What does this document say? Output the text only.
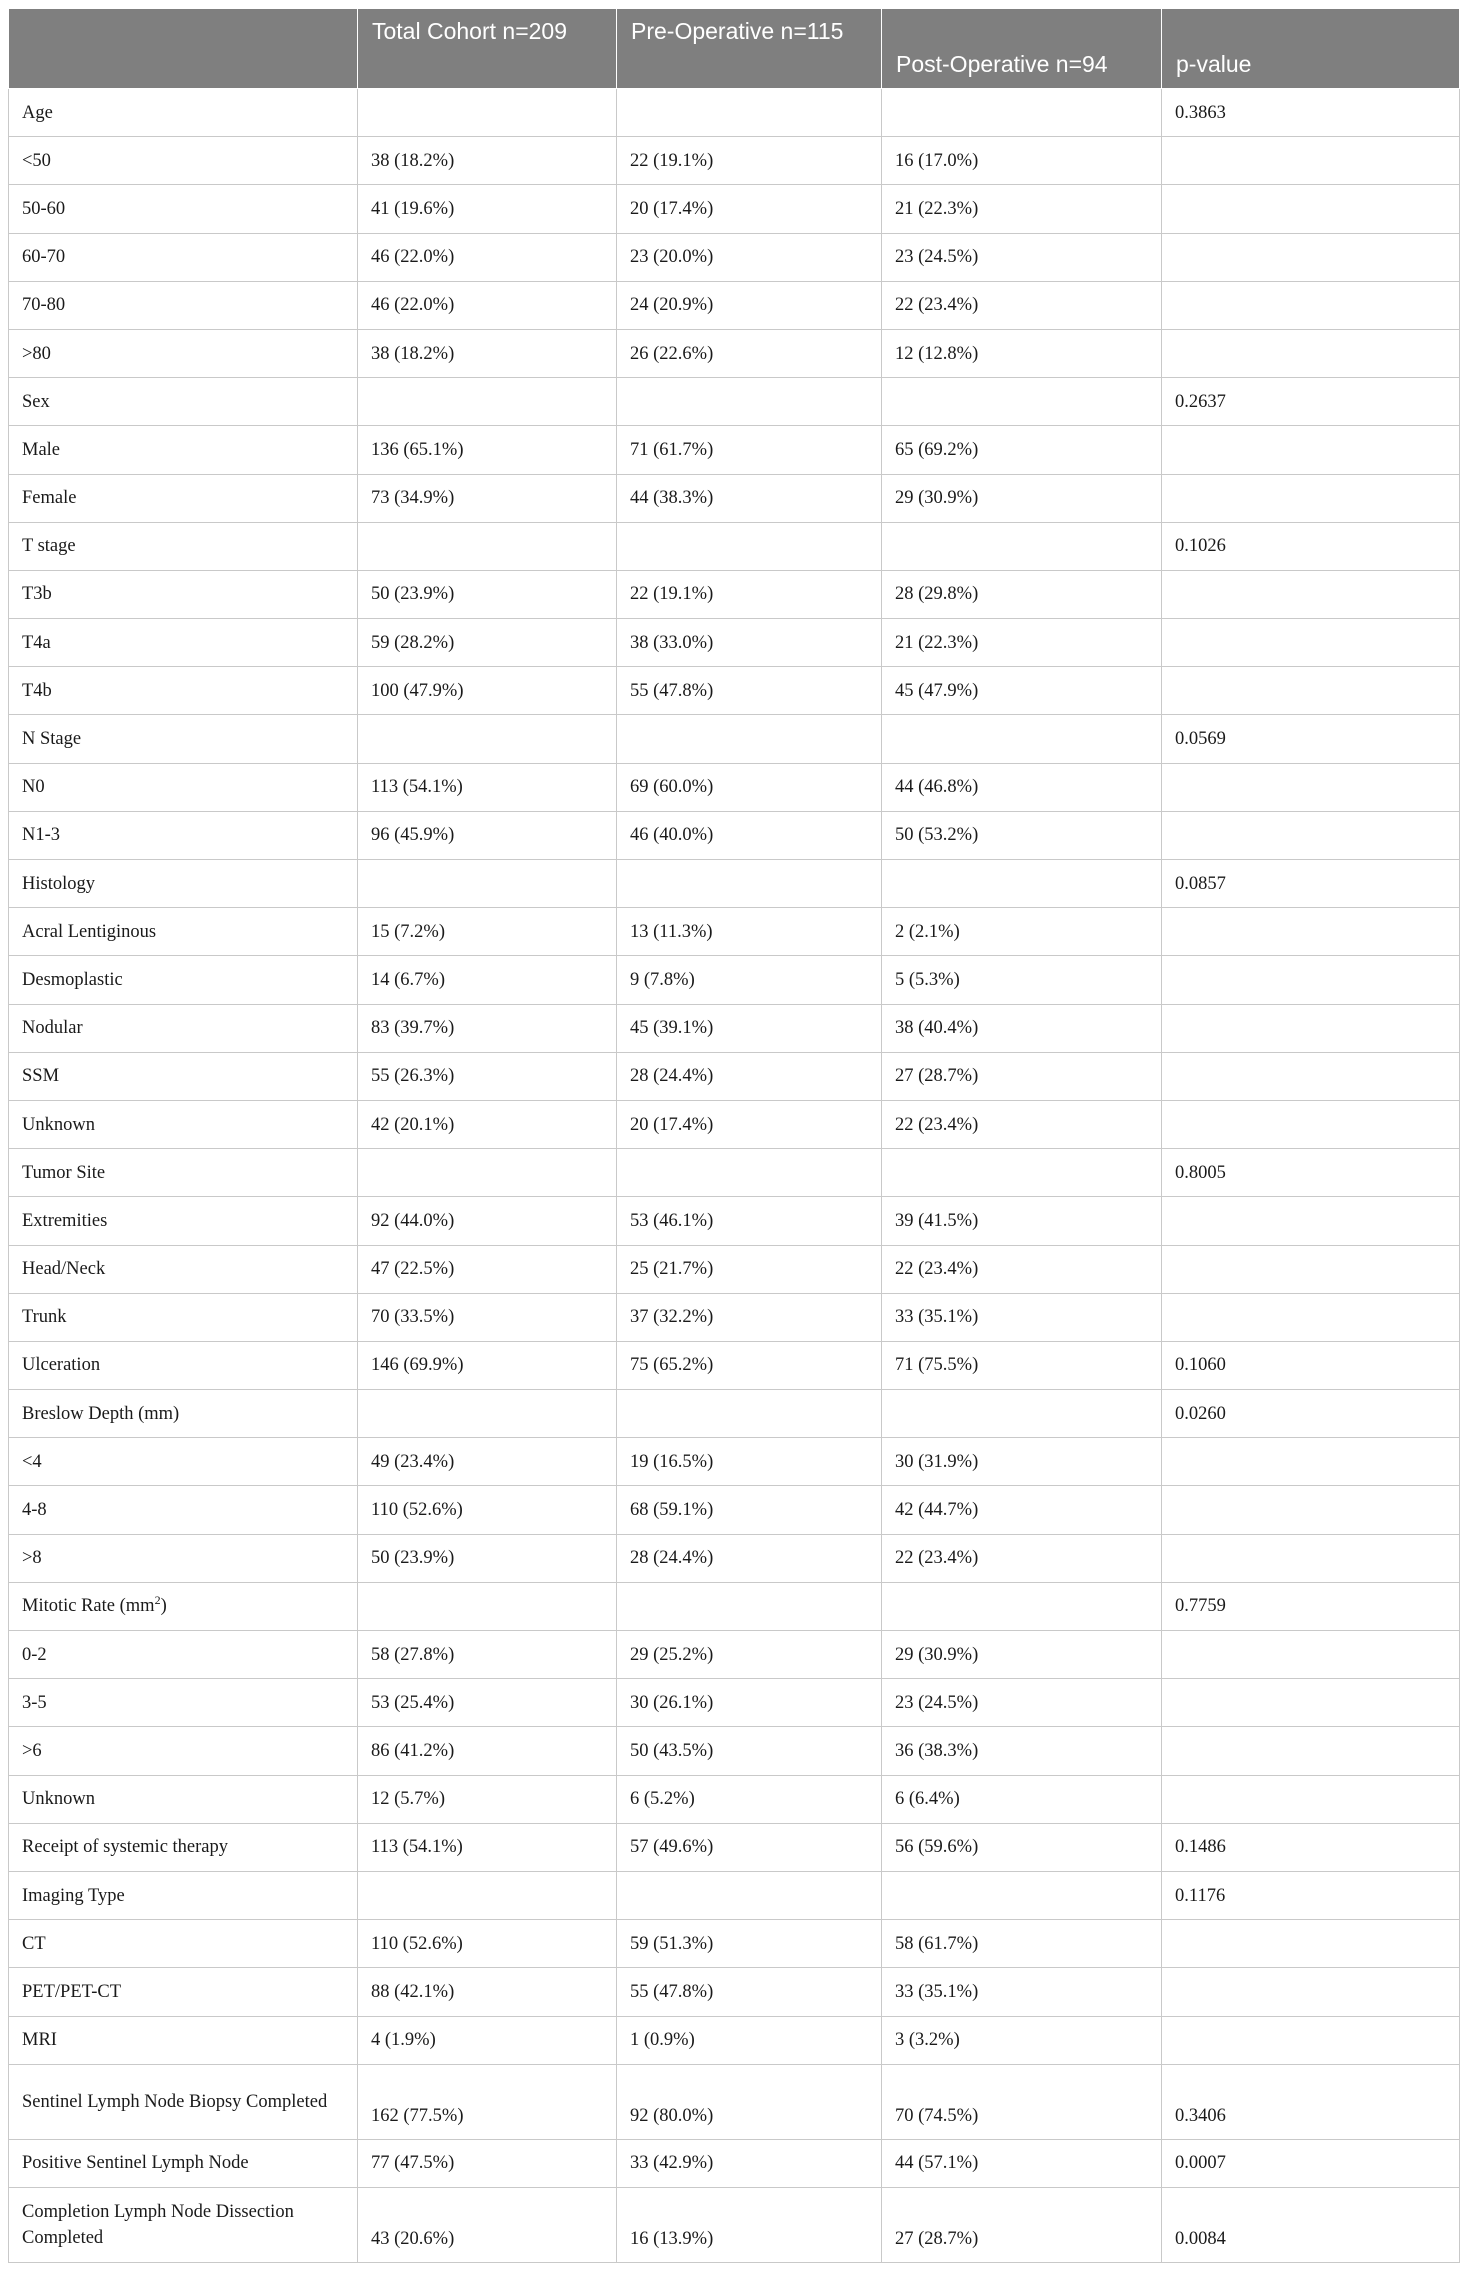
	Total Cohort n=209	Pre-Operative n=115	Post-Operative n=94	p-value
Age				0.3863
<50	38 (18.2%)	22 (19.1%)	16 (17.0%)	
50-60	41 (19.6%)	20 (17.4%)	21 (22.3%)	
60-70	46 (22.0%)	23 (20.0%)	23 (24.5%)	
70-80	46 (22.0%)	24 (20.9%)	22 (23.4%)	
>80	38 (18.2%)	26 (22.6%)	12 (12.8%)	
Sex				0.2637
Male	136 (65.1%)	71 (61.7%)	65 (69.2%)	
Female	73 (34.9%)	44 (38.3%)	29 (30.9%)	
T stage				0.1026
T3b	50 (23.9%)	22 (19.1%)	28 (29.8%)	
T4a	59 (28.2%)	38 (33.0%)	21 (22.3%)	
T4b	100 (47.9%)	55 (47.8%)	45 (47.9%)	
N Stage				0.0569
N0	113 (54.1%)	69 (60.0%)	44 (46.8%)	
N1-3	96 (45.9%)	46 (40.0%)	50 (53.2%)	
Histology				0.0857
Acral Lentiginous	15 (7.2%)	13 (11.3%)	2 (2.1%)	
Desmoplastic	14 (6.7%)	9 (7.8%)	5 (5.3%)	
Nodular	83 (39.7%)	45 (39.1%)	38 (40.4%)	
SSM	55 (26.3%)	28 (24.4%)	27 (28.7%)	
Unknown	42 (20.1%)	20 (17.4%)	22 (23.4%)	
Tumor Site				0.8005
Extremities	92 (44.0%)	53 (46.1%)	39 (41.5%)	
Head/Neck	47 (22.5%)	25 (21.7%)	22 (23.4%)	
Trunk	70 (33.5%)	37 (32.2%)	33 (35.1%)	
Ulceration	146 (69.9%)	75 (65.2%)	71 (75.5%)	0.1060
Breslow Depth (mm)				0.0260
<4	49 (23.4%)	19 (16.5%)	30 (31.9%)	
4-8	110 (52.6%)	68 (59.1%)	42 (44.7%)	
>8	50 (23.9%)	28 (24.4%)	22 (23.4%)	
Mitotic Rate $(mm^2)$				0.7759
0-2	58 (27.8%)	29 (25.2%)	29 (30.9%)	
3-5	53 (25.4%)	30 (26.1%)	23 (24.5%)	
>6	86 (41.2%)	50 (43.5%)	36 (38.3%)	
Unknown	12 (5.7%)	6 (5.2%)	6 (6.4%)	
Receipt of systemic therapy	113 (54.1%)	57 (49.6%)	56 (59.6%)	0.1486
Imaging Type				0.1176
CT	110 (52.6%)	59 (51.3%)	58 (61.7%)	
PET/PET-CT	88 (42.1%)	55 (47.8%)	33 (35.1%)	
MRI	4 (1.9%)	1 (0.9%)	3 (3.2%)	
Sentinel Lymph Node Biopsy Completed	162 (77.5%)	92 (80.0%)	70 (74.5%)	0.3406
Positive Sentinel Lymph Node	77 (47.5%)	33 (42.9%)	44 (57.1%)	0.0007
Completion Lymph Node Dissection Completed	43 (20.6%)	16 (13.9%)	27 (28.7%)	0.0084
